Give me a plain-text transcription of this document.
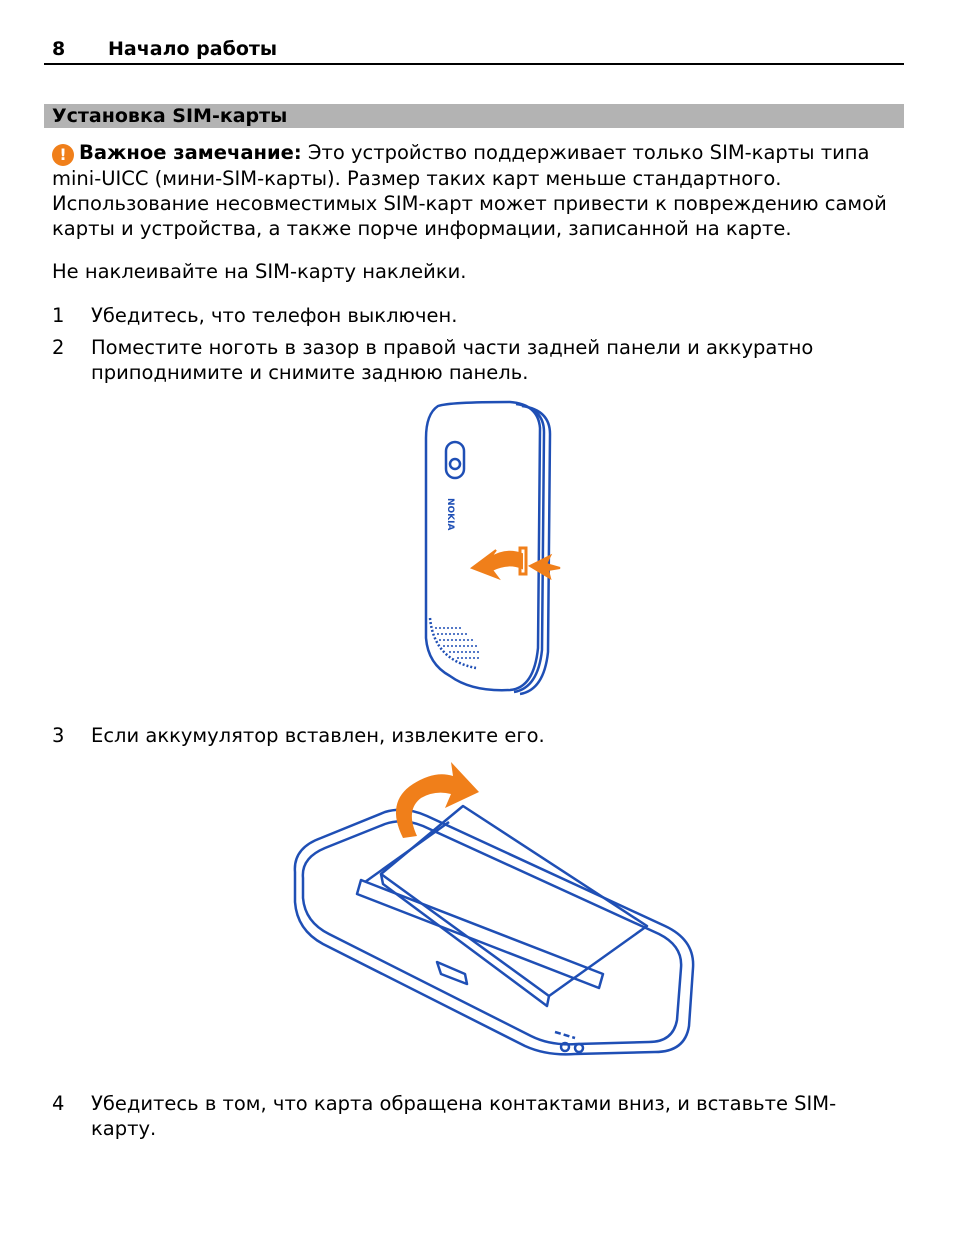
8 Начало работы
Установка SIM-карты

! Важное замечание: Это устройство поддерживает только SIM-карты типа mini-UICC (мини-SIM-карты). Размер таких карт меньше стандартного. Использование несовместимых SIM-карт может привести к повреждению самой карты и устройства, а также порче информации, записанной на карте.

Не наклеивайте на SIM-карту наклейки.

1 Убедитесь, что телефон выключен.
2 Поместите ноготь в зазор в правой части задней панели и аккуратно приподнимите и снимите заднюю панель.
NOKIA
3 Если аккумулятор вставлен, извлеките его.
4 Убедитесь в том, что карта обращена контактами вниз, и вставьте SIM-карту.
